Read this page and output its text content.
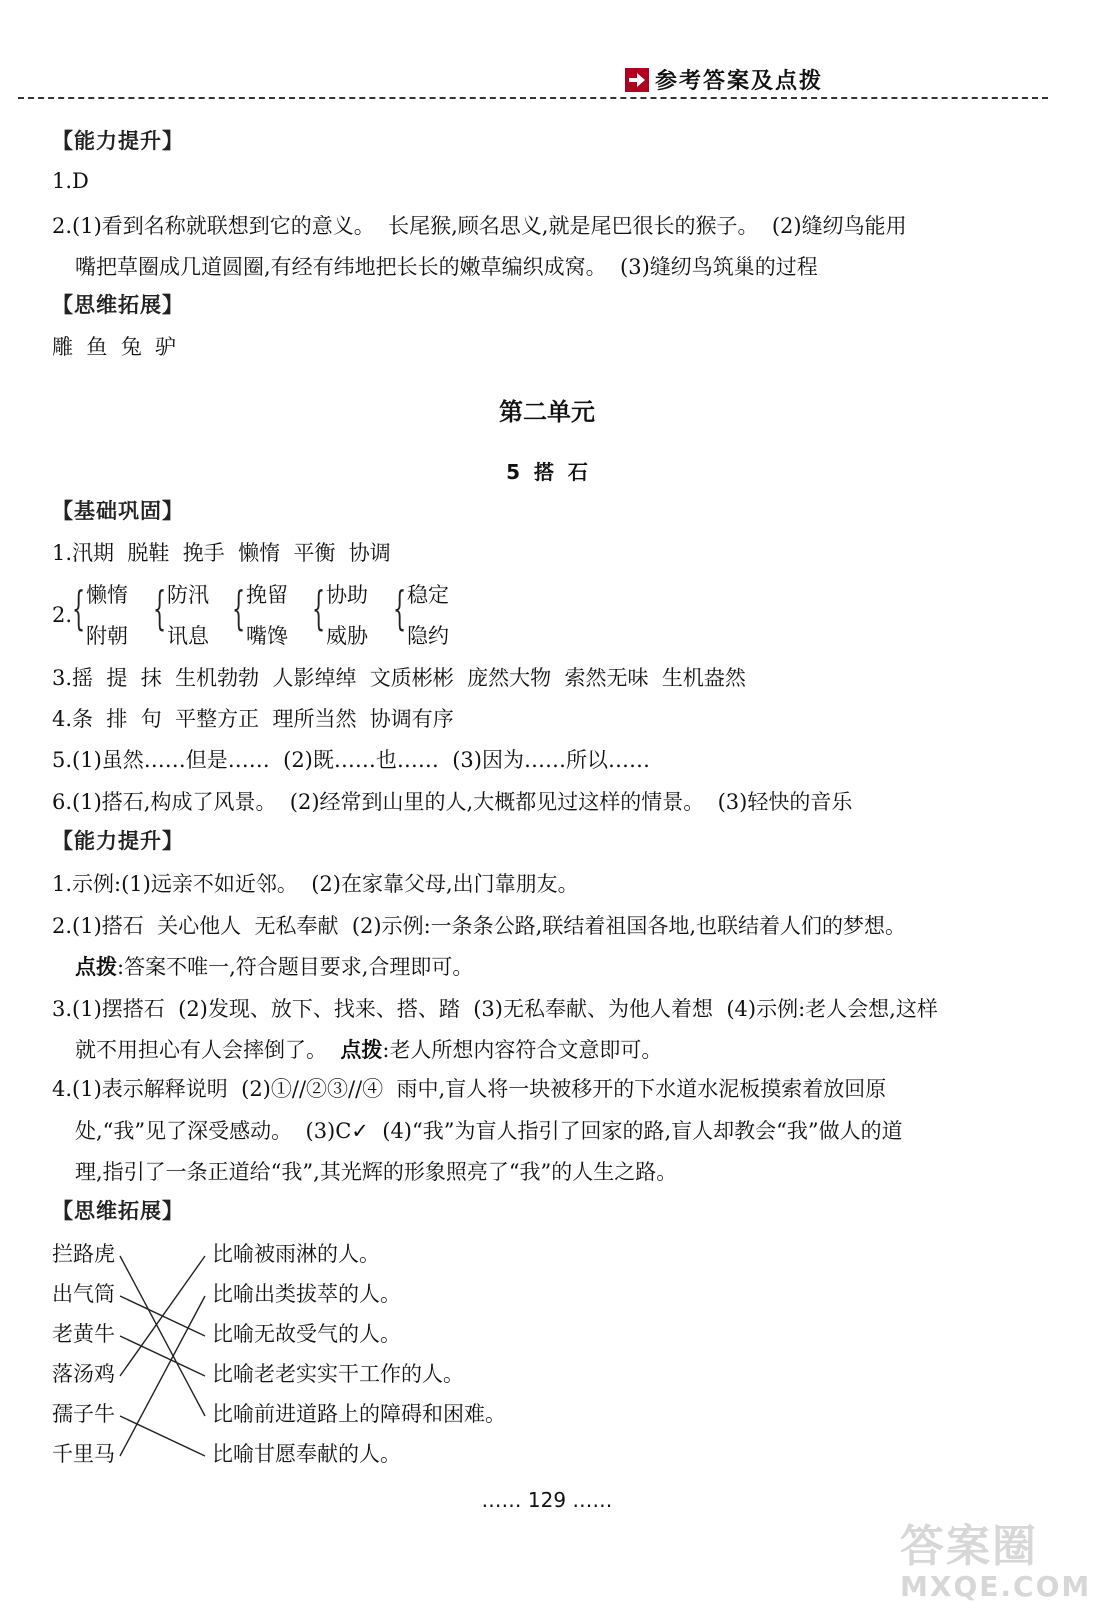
参考答案及点拨
【能力提升】
1.D
2.(1)看到名称就联想到它的意义。  长尾猴,顾名思义,就是尾巴很长的猴子。  (2)缝纫鸟能用
嘴把草圈成几道圆圈,有经有纬地把长长的嫩草编织成窝。  (3)缝纫鸟筑巢的过程
【思维拓展】
雕  鱼  兔  驴
第二单元
5  搭  石
【基础巩固】
1.汛期  脱鞋  挽手  懒惰  平衡  协调
2. { 懒惰
附朝
{ 防汛
讯息
{ 挽留
嘴馋
{ 协助
威胁
{ 稳定
隐约
3.摇  提  抹  生机勃勃  人影绰绰  文质彬彬  庞然大物  索然无味  生机盎然
4.条  排  句  平整方正  理所当然  协调有序
5.(1)虽然……但是……  (2)既……也……  (3)因为……所以……
6.(1)搭石,构成了风景。  (2)经常到山里的人,大概都见过这样的情景。  (3)轻快的音乐
【能力提升】
1.示例:(1)远亲不如近邻。  (2)在家靠父母,出门靠朋友。
2.(1)搭石  关心他人  无私奉献  (2)示例:一条条公路,联结着祖国各地,也联结着人们的梦想。
点拨:答案不唯一,符合题目要求,合理即可。
3.(1)摆搭石  (2)发现、放下、找来、搭、踏  (3)无私奉献、为他人着想  (4)示例:老人会想,这样
就不用担心有人会摔倒了。  点拨:老人所想内容符合文意即可。
4.(1)表示解释说明  (2)①//②③//④  雨中,盲人将一块被移开的下水道水泥板摸索着放回原
处,“我”见了深受感动。  (3)C✓  (4)“我”为盲人指引了回家的路,盲人却教会“我”做人的道
理,指引了一条正道给“我”,其光辉的形象照亮了“我”的人生之路。
【思维拓展】
拦路虎
出气筒
老黄牛
落汤鸡
孺子牛
千里马
比喻被雨淋的人。
比喻出类拔萃的人。
比喻无故受气的人。
比喻老老实实干工作的人。
比喻前进道路上的障碍和困难。
比喻甘愿奉献的人。
…… 129 ……
答案圈
MXQE.COM
